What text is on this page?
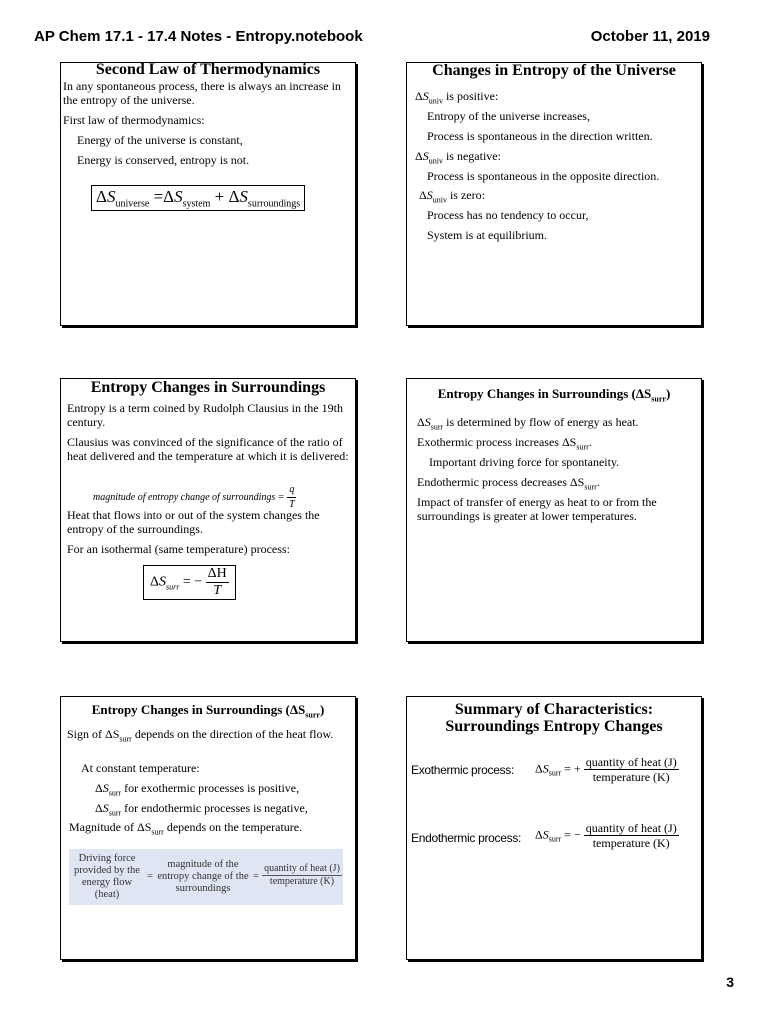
AP Chem 17.1 - 17.4 Notes - Entropy.notebook	October 11, 2019
Second Law of Thermodynamics
In any spontaneous process, there is always an increase in the entropy of the universe.
First law of thermodynamics:
Energy of the universe is constant,
Energy is conserved, entropy is not.
$\Delta S_{universe} =\Delta S_{system} + \Delta S_{surroundings}$
Changes in Entropy of the Universe
$\Delta S_{univ}$ is positive:
Entropy of the universe increases,
Process is spontaneous in the direction written.
$\Delta S_{univ}$ is negative:
Process is spontaneous in the opposite direction.
$\Delta S_{univ}$ is zero:
Process has no tendency to occur,
System is at equilibrium.
Entropy Changes in Surroundings
Entropy is a term coined by Rudolph Clausius in the 19th century.
Clausius was convinced of the significance of the ratio of heat delivered and the temperature at which it is delivered:
magnitude of entropy change of surroundings = $\frac{q}{T}$
Heat that flows into or out of the system changes the entropy of the surroundings.
For an isothermal (same temperature) process:
$\Delta S_{surr}$ = − $\frac{\Delta H}{T}$
Entropy Changes in Surroundings $(\Delta S_{surr})$
$\Delta S_{surr}$ is determined by flow of energy as heat.
Exothermic process increases $\Delta S_{surr}$.
Important driving force for spontaneity.
Endothermic process decreases $\Delta S_{surr}$.
Impact of transfer of energy as heat to or from the surroundings is greater at lower temperatures.
Entropy Changes in Surroundings $(\Delta S_{surr})$
Sign of $\Delta S_{surr}$ depends on the direction of the heat flow.
At constant temperature:
$\Delta S_{surr}$ for exothermic processes is positive,
$\Delta S_{surr}$ for endothermic processes is negative,
Magnitude of $\Delta S_{surr}$ depends on the temperature.
Driving force provided by the energy flow (heat)
=
magnitude of the entropy change of the surroundings
= $\frac{\text{quantity of heat (J)}}{\text{temperature (K)}}$
Summary of Characteristics: Surroundings Entropy Changes
Exothermic process: $\Delta S_{surr}$ = + $\frac{\text{quantity of heat (J)}}{\text{temperature (K)}}$
Endothermic process: $\Delta S_{surr}$ = − $\frac{\text{quantity of heat (J)}}{\text{temperature (K)}}$
3
